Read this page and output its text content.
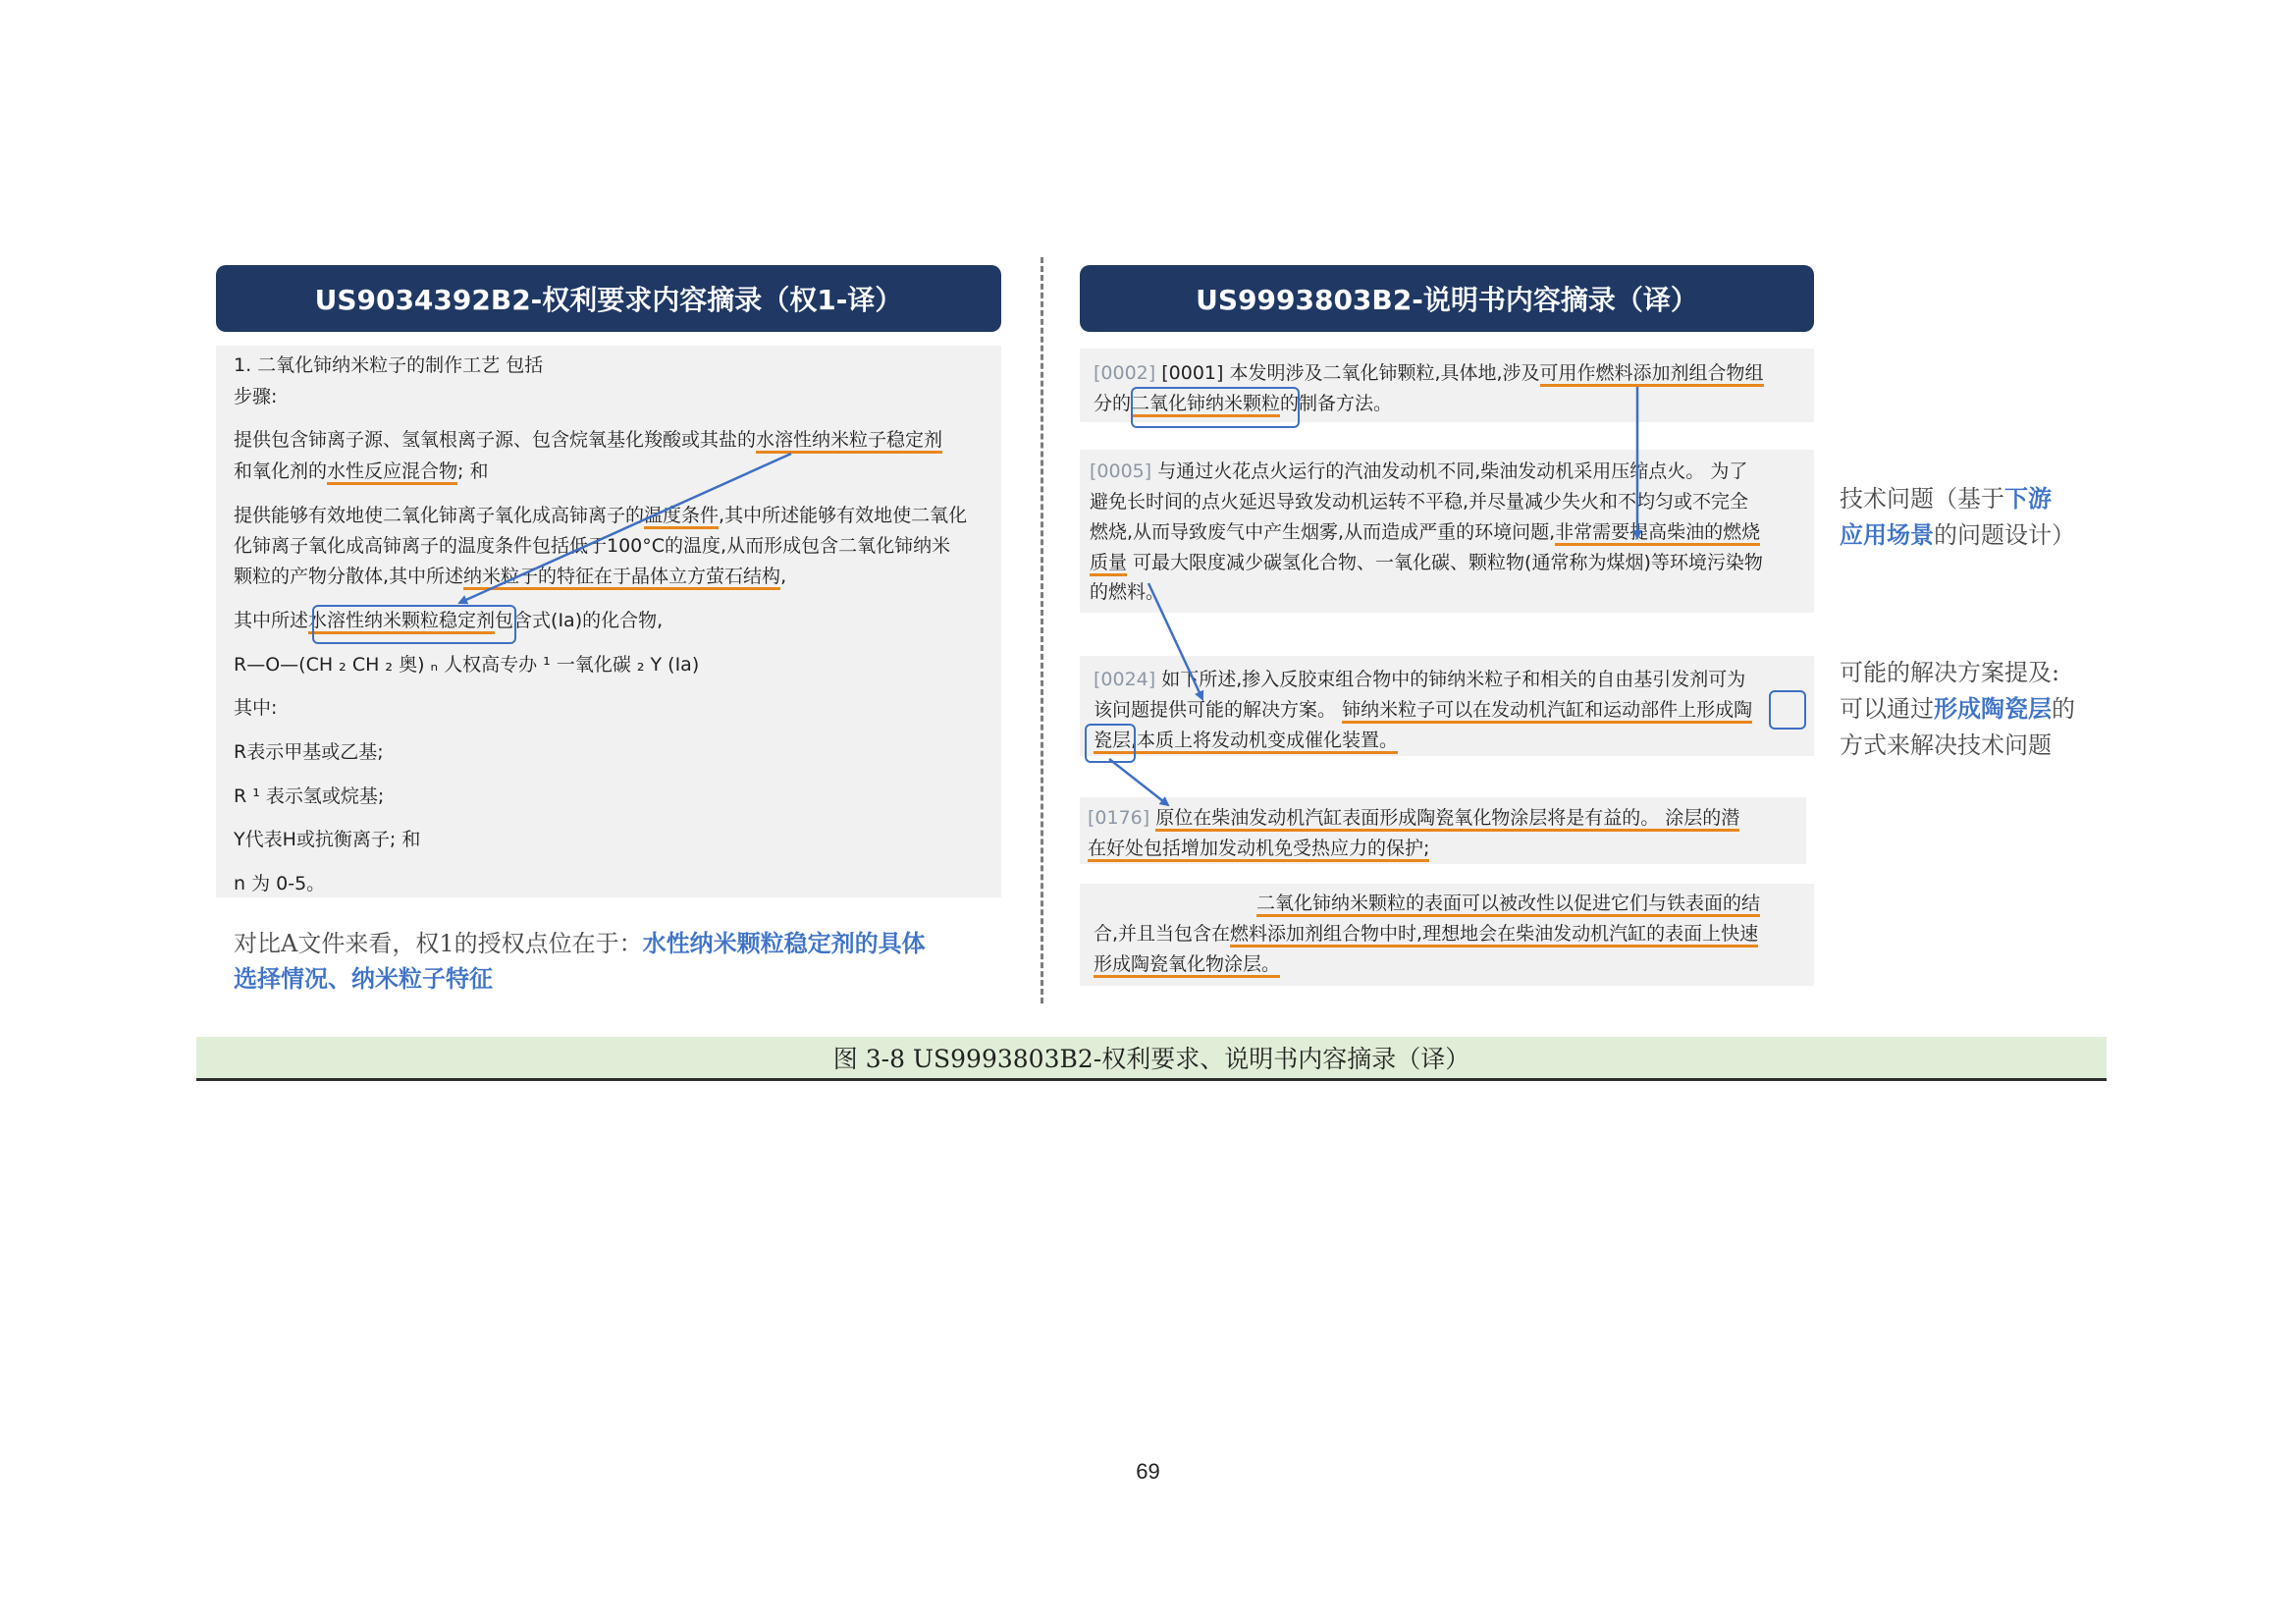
US9034392B2-权利要求内容摘录（权1-译）
1. 二氧化铈纳米粒子的制作工艺 包括
步骤:
提供包含铈离子源、氢氧根离子源、包含烷氧基化羧酸或其盐的水溶性纳米粒子稳定剂
和氧化剂的水性反应混合物; 和
提供能够有效地使二氧化铈离子氧化成高铈离子的温度条件,其中所述能够有效地使二氧化
化铈离子氧化成高铈离子的温度条件包括低于100°C的温度,从而形成包含二氧化铈纳米
颗粒的产物分散体,其中所述纳米粒子的特征在于晶体立方萤石结构,
其中所述水溶性纳米颗粒稳定剂包含式(Ia)的化合物,
R—O—(CH ₂ CH ₂ 奥) ₙ 人权高专办 ¹ 一氧化碳 ₂ Y (Ia)
其中:
R表示甲基或乙基;
R ¹ 表示氢或烷基;
Y代表H或抗衡离子; 和
n 为 0-5。
对比A文件来看，权1的授权点位在于：水性纳米颗粒稳定剂的具体
选择情况、纳米粒子特征
US9993803B2-说明书内容摘录（译）
[0002] [0001] 本发明涉及二氧化铈颗粒,具体地,涉及可用作燃料添加剂组合物组
分的二氧化铈纳米颗粒的制备方法。
[0005] 与通过火花点火运行的汽油发动机不同,柴油发动机采用压缩点火。 为了
避免长时间的点火延迟导致发动机运转不平稳,并尽量减少失火和不均匀或不完全
燃烧,从而导致废气中产生烟雾,从而造成严重的环境问题,非常需要提高柴油的燃烧
质量 可最大限度减少碳氢化合物、一氧化碳、颗粒物(通常称为煤烟)等环境污染物
的燃料。
[0024] 如下所述,掺入反胶束组合物中的铈纳米粒子和相关的自由基引发剂可为
该问题提供可能的解决方案。 铈纳米粒子可以在发动机汽缸和运动部件上形成陶
瓷层,本质上将发动机变成催化装置。
[0176] 原位在柴油发动机汽缸表面形成陶瓷氧化物涂层将是有益的。 涂层的潜
在好处包括增加发动机免受热应力的保护;
二氧化铈纳米颗粒的表面可以被改性以促进它们与铁表面的结
合,并且当包含在燃料添加剂组合物中时,理想地会在柴油发动机汽缸的表面上快速
形成陶瓷氧化物涂层。
技术问题（基于下游
应用场景的问题设计）
可能的解决方案提及:
可以通过形成陶瓷层的
方式来解决技术问题
图 3-8 US9993803B2-权利要求、说明书内容摘录（译）
69
